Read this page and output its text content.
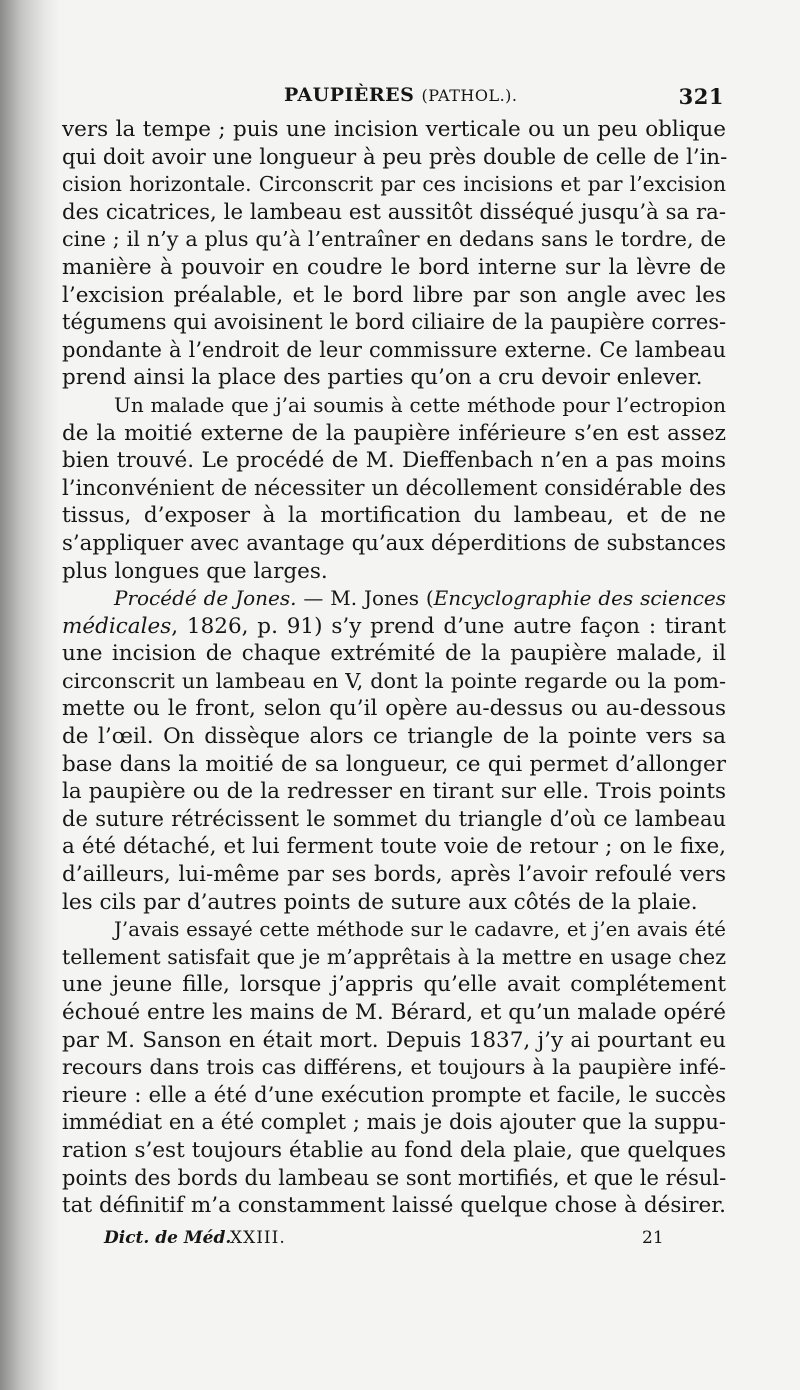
PAUPIÈRES (PATHOL.).	321
vers la tempe ; puis une incision verticale ou un peu oblique
qui doit avoir une longueur à peu près double de celle de l’in-
cision horizontale. Circonscrit par ces incisions et par l’excision
des cicatrices, le lambeau est aussitôt disséqué jusqu’à sa ra-
cine ; il n’y a plus qu’à l’entraîner en dedans sans le tordre, de
manière à pouvoir en coudre le bord interne sur la lèvre de
l’excision préalable, et le bord libre par son angle avec les
tégumens qui avoisinent le bord ciliaire de la paupière corres-
pondante à l’endroit de leur commissure externe. Ce lambeau
prend ainsi la place des parties qu’on a cru devoir enlever.
Un malade que j’ai soumis à cette méthode pour l’ectropion
de la moitié externe de la paupière inférieure s’en est assez
bien trouvé. Le procédé de M. Dieffenbach n’en a pas moins
l’inconvénient de nécessiter un décollement considérable des
tissus, d’exposer à la mortification du lambeau, et de ne
s’appliquer avec avantage qu’aux déperditions de substances
plus longues que larges.
Procédé de Jones. — M. Jones (Encyclographie des sciences
médicales, 1826, p. 91) s’y prend d’une autre façon : tirant
une incision de chaque extrémité de la paupière malade, il
circonscrit un lambeau en V, dont la pointe regarde ou la pom-
mette ou le front, selon qu’il opère au-dessus ou au-dessous
de l’œil. On dissèque alors ce triangle de la pointe vers sa
base dans la moitié de sa longueur, ce qui permet d’allonger
la paupière ou de la redresser en tirant sur elle. Trois points
de suture rétrécissent le sommet du triangle d’où ce lambeau
a été détaché, et lui ferment toute voie de retour ; on le fixe,
d’ailleurs, lui-même par ses bords, après l’avoir refoulé vers
les cils par d’autres points de suture aux côtés de la plaie.
J’avais essayé cette méthode sur le cadavre, et j’en avais été
tellement satisfait que je m’apprêtais à la mettre en usage chez
une jeune fille, lorsque j’appris qu’elle avait complétement
échoué entre les mains de M. Bérard, et qu’un malade opéré
par M. Sanson en était mort. Depuis 1837, j’y ai pourtant eu
recours dans trois cas différens, et toujours à la paupière infé-
rieure : elle a été d’une exécution prompte et facile, le succès
immédiat en a été complet ; mais je dois ajouter que la suppu-
ration s’est toujours établie au fond dela plaie, que quelques
points des bords du lambeau se sont mortifiés, et que le résul-
tat définitif m’a constamment laissé quelque chose à désirer.
Dict. de Méd.
XXIII.	21
